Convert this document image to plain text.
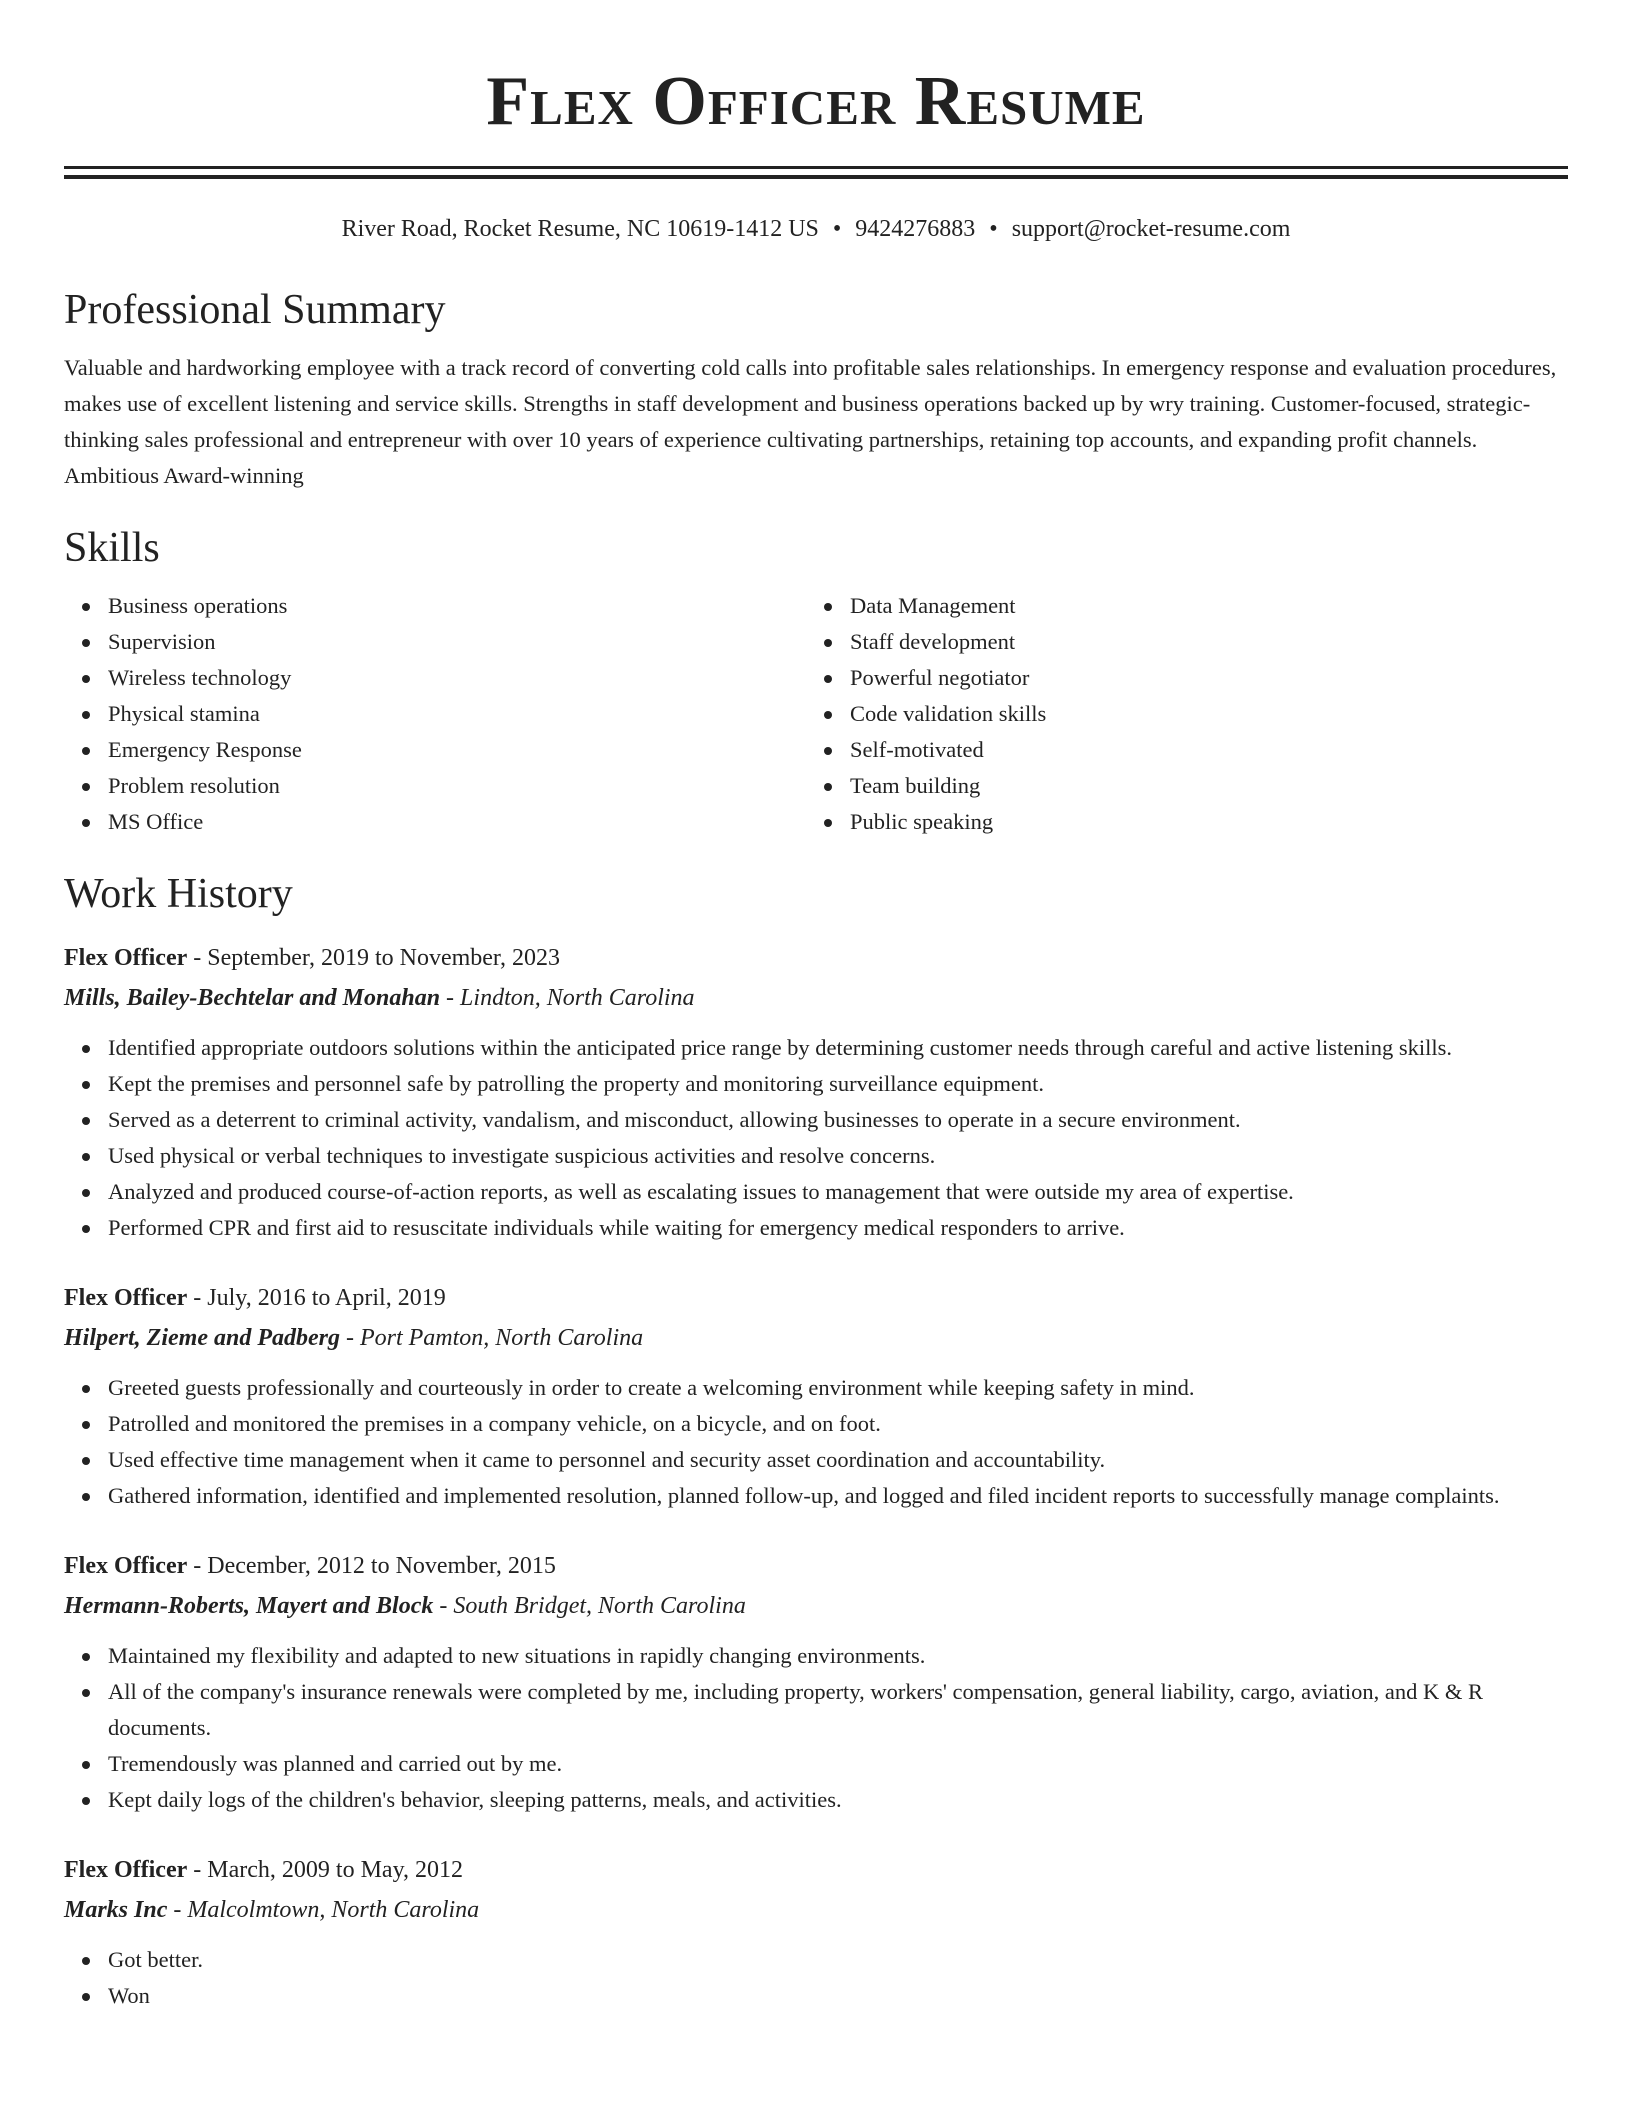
Flex Officer Resume
River Road, Rocket Resume, NC 10619-1412 US • 9424276883 • support@rocket-resume.com
Professional Summary

Valuable and hardworking employee with a track record of converting cold calls into profitable sales relationships. In emergency response and evaluation procedures, makes use of excellent listening and service skills. Strengths in staff development and business operations backed up by wry training. Customer-focused, strategic-thinking sales professional and entrepreneur with over 10 years of experience cultivating partnerships, retaining top accounts, and expanding profit channels. Ambitious Award-winning

Skills
Business operations
Supervision
Wireless technology
Physical stamina
Emergency Response
Problem resolution
MS Office
Data Management
Staff development
Powerful negotiator
Code validation skills
Self-motivated
Team building
Public speaking
Work History
Flex Officer - September, 2019 to November, 2023
Mills, Bailey-Bechtelar and Monahan - Lindton, North Carolina
Identified appropriate outdoors solutions within the anticipated price range by determining customer needs through careful and active listening skills.
Kept the premises and personnel safe by patrolling the property and monitoring surveillance equipment.
Served as a deterrent to criminal activity, vandalism, and misconduct, allowing businesses to operate in a secure environment.
Used physical or verbal techniques to investigate suspicious activities and resolve concerns.
Analyzed and produced course-of-action reports, as well as escalating issues to management that were outside my area of expertise.
Performed CPR and first aid to resuscitate individuals while waiting for emergency medical responders to arrive.
Flex Officer - July, 2016 to April, 2019
Hilpert, Zieme and Padberg - Port Pamton, North Carolina
Greeted guests professionally and courteously in order to create a welcoming environment while keeping safety in mind.
Patrolled and monitored the premises in a company vehicle, on a bicycle, and on foot.
Used effective time management when it came to personnel and security asset coordination and accountability.
Gathered information, identified and implemented resolution, planned follow-up, and logged and filed incident reports to successfully manage complaints.
Flex Officer - December, 2012 to November, 2015
Hermann-Roberts, Mayert and Block - South Bridget, North Carolina
Maintained my flexibility and adapted to new situations in rapidly changing environments.
All of the company's insurance renewals were completed by me, including property, workers' compensation, general liability, cargo, aviation, and K & R documents.
Tremendously was planned and carried out by me.
Kept daily logs of the children's behavior, sleeping patterns, meals, and activities.
Flex Officer - March, 2009 to May, 2012
Marks Inc - Malcolmtown, North Carolina
Got better.
Won
